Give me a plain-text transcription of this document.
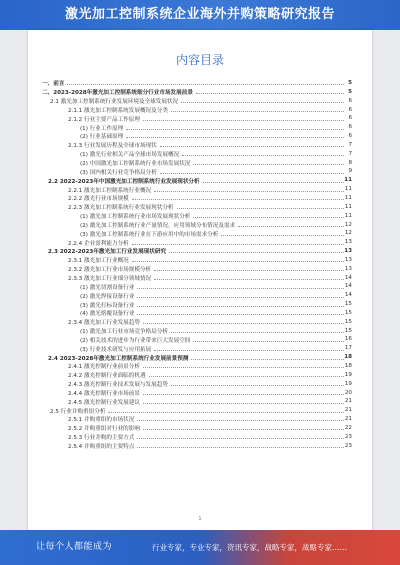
激光加工控制系统企业海外并购策略研究报告
内容目录
一、前言	5
二、2023-2028年激光加工控制系统细分行业市场发展前景	5
2.1 激光加工控制系统行业发展环境及全球发展状况	6
2.1.1 激光加工控制系统发展概况及分类	6
2.1.2 行业主要产品工作原理	6
(1) 行业工作原理	6
(2) 行业基础原理	6
2.1.3 行业发展历程及全球市场现状	7
(1) 激光行业相关产品全球市场发展概况	7
(2) 中国激光加工控制系统行业市场发展状况	8
(3) 国内相关行业竞争格局分析	9
2.2 2022-2023年中国激光加工控制系统行业发展现状分析	11
2.2.1 激光加工控制系统行业概况	11
2.2.2 激光行业市场规模	11
2.2.3 激光加工控制系统行业发展现状分析	11
(1) 激光加工控制系统行业市场发展现状分析	11
(2) 激光加工控制系统行业产量情况，应用领域分布情况及需求	12
(3) 激光加工控制系统行业在下游应用中的市场需求分析	12
2.2.4 企业盈利能力分析	13
2.3 2022-2023年激光加工行业发展现状研究	13
2.3.1 激光加工行业概况	13
2.3.2 激光加工行业市场规模分析	13
2.3.3 激光加工行业细分领域情况	14
(1) 激光切割设备行业	14
(2) 激光焊接设备行业	14
(3) 激光打标设备行业	15
(4) 激光熔覆设备行业	15
2.3.4 激光加工行业发展趋势	15
(1) 激光加工行业市场竞争格局分析	15
(2) 相关技术的进步为行业带来巨大发展空间	16
(3) 行业技术研发与应用拓展	17
2.4 2023-2028年激光加工控制系统行业发展前景预测	18
2.4.1 激光控制行业前景分析	18
2.4.2 激光控制行业面临的机遇	19
2.4.3 激光控制行业技术发展与发展趋势	19
2.4.4 激光控制行业市场前景	20
2.4.5 激光控制行业发展建议	21
2.5 行业并购重组分析	21
2.5.1 并购重组的市场状况	21
2.5.2 并购重组对行业的影响	22
2.5.3 行业并购的主要方式	23
2.5.4 并购重组的主要特点	23
1
让每个人都能成为	行业专家，专业专家，资讯专家，战略专家，战略专家……
